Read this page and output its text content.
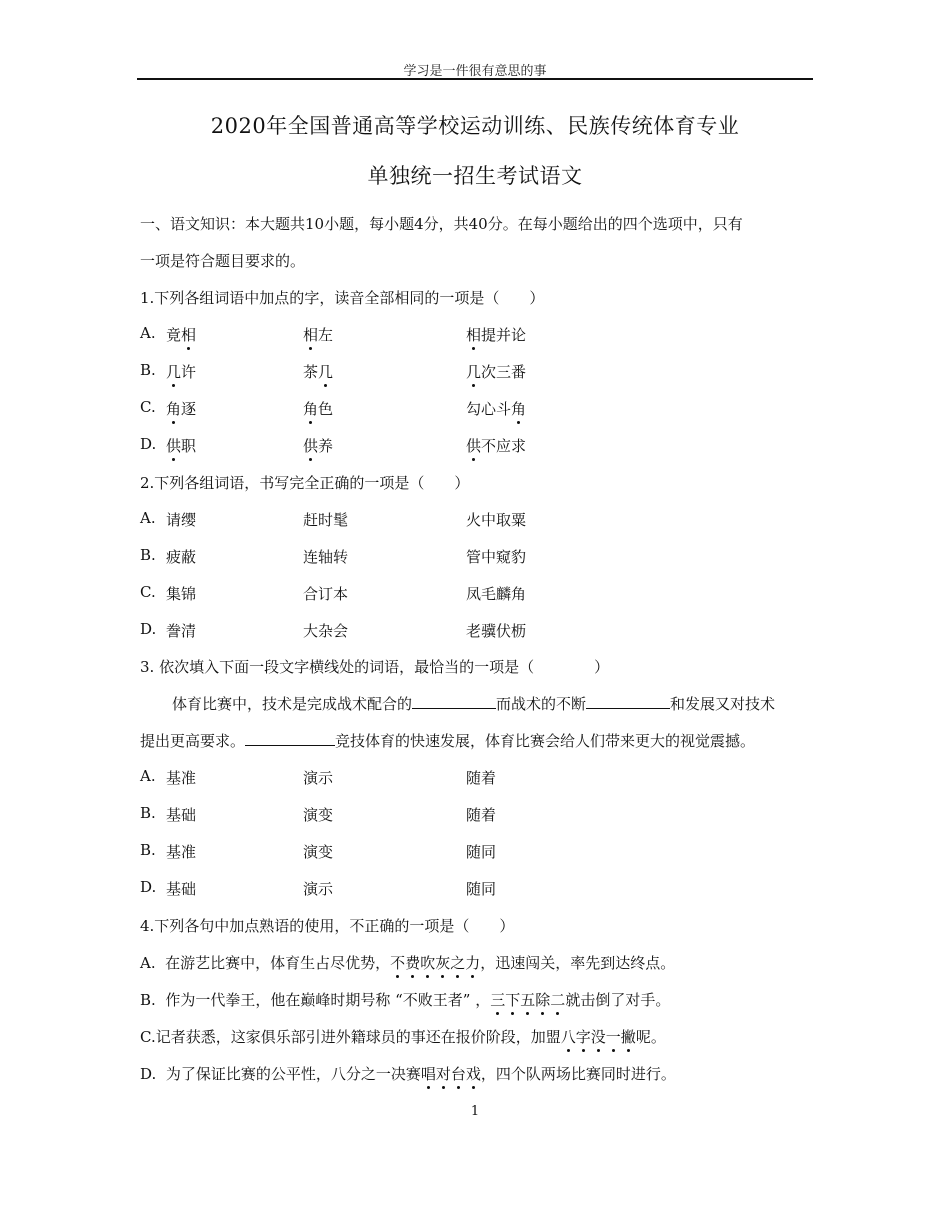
学习是一件很有意思的事
2020年全国普通高等学校运动训练、民族传统体育专业
单独统一招生考试语文
一、语文知识：本大题共10小题，每小题4分，共40分。在每小题给出的四个选项中，只有
一项是符合题目要求的。
1.下列各组词语中加点的字，读音全部相同的一项是（　　）
A. 竟相	相左	相提并论
B. 几许	茶几	几次三番
C. 角逐	角色	勾心斗角
D. 供职	供养	供不应求
2.下列各组词语，书写完全正确的一项是（　　）
A. 请缨	赶时髦	火中取粟
B. 疲蔽	连轴转	管中窥豹
C. 集锦	合订本	凤毛麟角
D. 誊清	大杂会	老骥伏枥
3. 依次填入下面一段文字横线处的词语，最恰当的一项是（　　　　）
体育比赛中，技术是完成战术配合的	而战术的不断	和发展又对技术
提出更高要求。	竞技体育的快速发展，体育比赛会给人们带来更大的视觉震撼。
A. 基准	演示	随着
B. 基础	演变	随着
B. 基准	演变	随同
D. 基础	演示	随同
4.下列各句中加点熟语的使用，不正确的一项是（　　）
A. 在游艺比赛中，体育生占尽优势，不费吹灰之力，迅速闯关，率先到达终点。
B. 作为一代拳王，他在巅峰时期号称 “不败王者” ，三下五除二就击倒了对手。
C.记者获悉，这家俱乐部引进外籍球员的事还在报价阶段，加盟八字没一撇呢。
D. 为了保证比赛的公平性，八分之一决赛唱对台戏，四个队两场比赛同时进行。
1
